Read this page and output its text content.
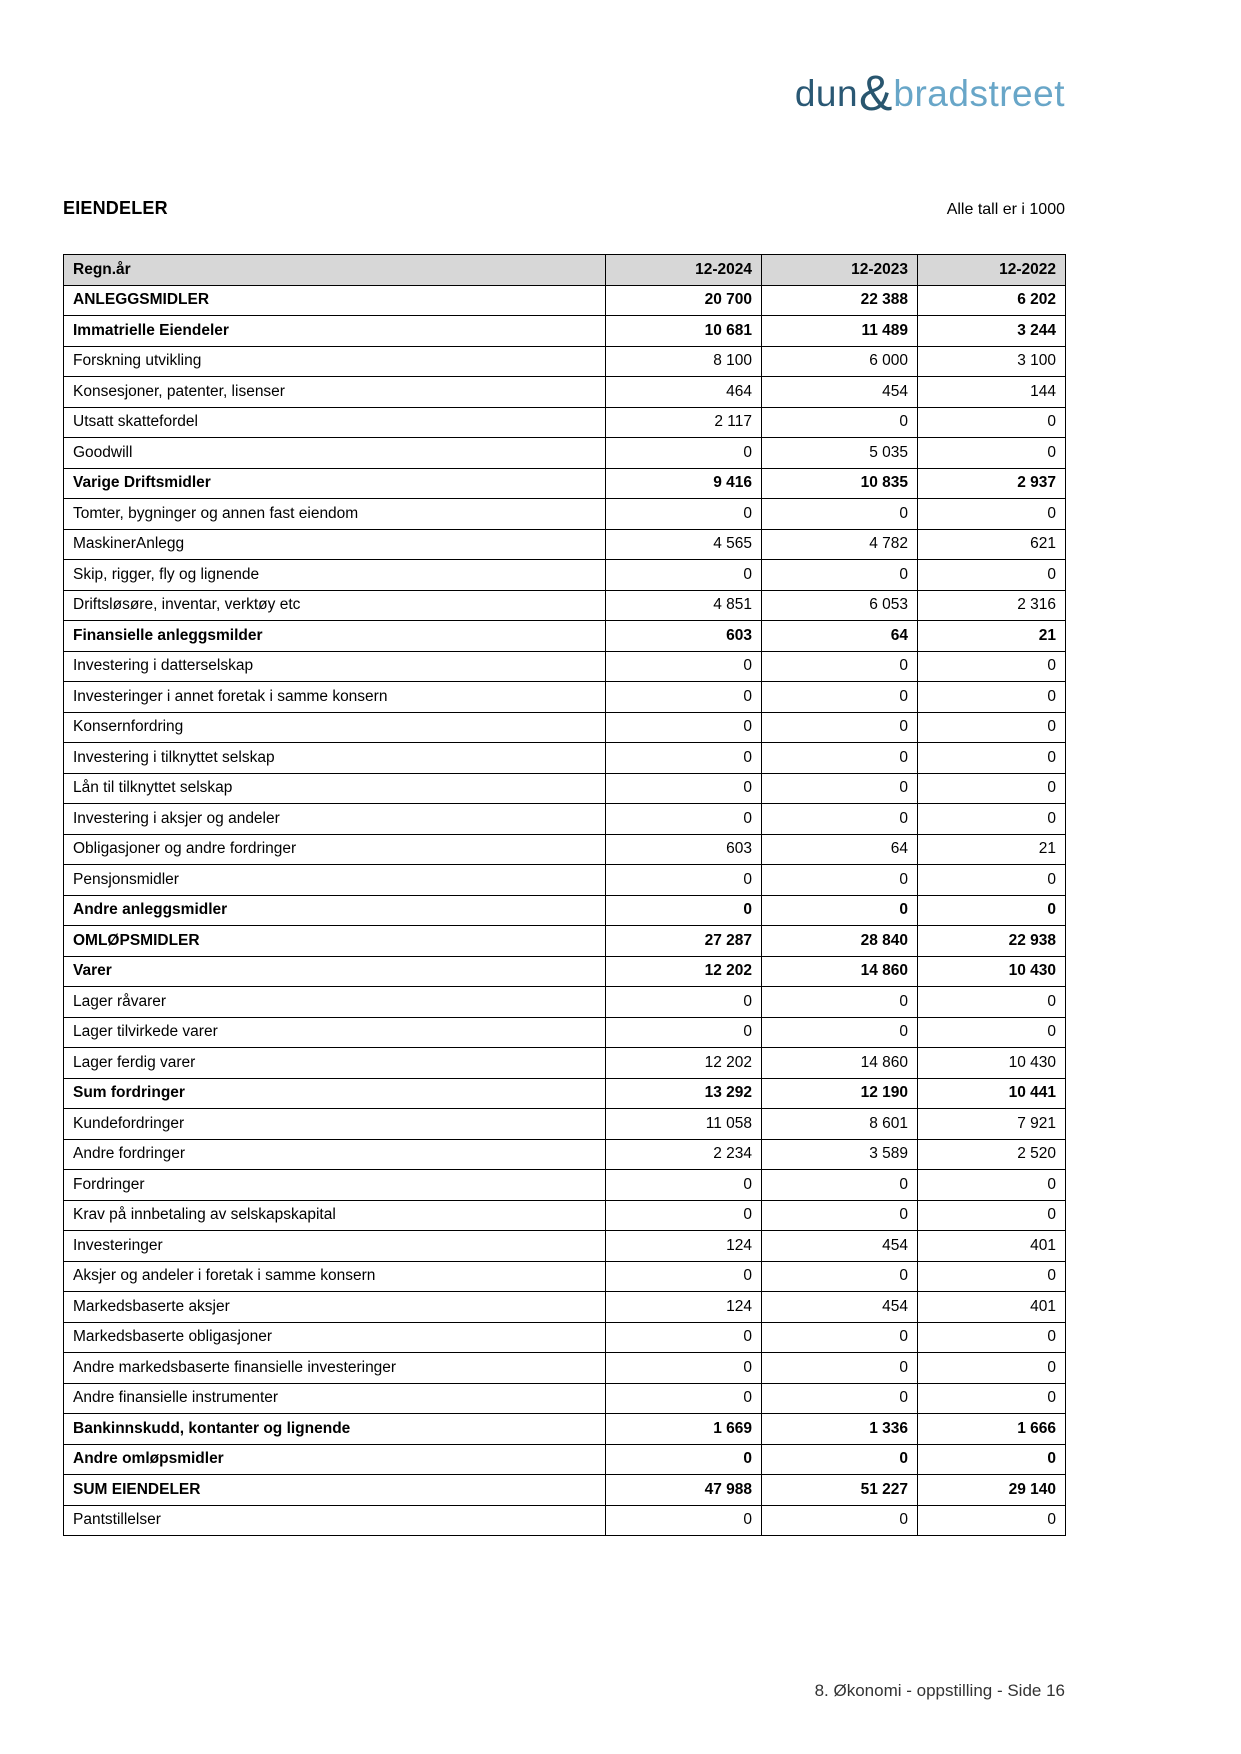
dun&bradstreet
EIENDELER	Alle tall er i 1000
Regn.år	12-2024	12-2023	12-2022
ANLEGGSMIDLER	20 700	22 388	6 202
Immatrielle Eiendeler	10 681	11 489	3 244
Forskning utvikling	8 100	6 000	3 100
Konsesjoner, patenter, lisenser	464	454	144
Utsatt skattefordel	2 117	0	0
Goodwill	0	5 035	0
Varige Driftsmidler	9 416	10 835	2 937
Tomter, bygninger og annen fast eiendom	0	0	0
MaskinerAnlegg	4 565	4 782	621
Skip, rigger, fly og lignende	0	0	0
Driftsløsøre, inventar, verktøy etc	4 851	6 053	2 316
Finansielle anleggsmilder	603	64	21
Investering i datterselskap	0	0	0
Investeringer i annet foretak i samme konsern	0	0	0
Konsernfordring	0	0	0
Investering i tilknyttet selskap	0	0	0
Lån til tilknyttet selskap	0	0	0
Investering i aksjer og andeler	0	0	0
Obligasjoner og andre fordringer	603	64	21
Pensjonsmidler	0	0	0
Andre anleggsmidler	0	0	0
OMLØPSMIDLER	27 287	28 840	22 938
Varer	12 202	14 860	10 430
Lager råvarer	0	0	0
Lager tilvirkede varer	0	0	0
Lager ferdig varer	12 202	14 860	10 430
Sum fordringer	13 292	12 190	10 441
Kundefordringer	11 058	8 601	7 921
Andre fordringer	2 234	3 589	2 520
Fordringer	0	0	0
Krav på innbetaling av selskapskapital	0	0	0
Investeringer	124	454	401
Aksjer og andeler i foretak i samme konsern	0	0	0
Markedsbaserte aksjer	124	454	401
Markedsbaserte obligasjoner	0	0	0
Andre markedsbaserte finansielle investeringer	0	0	0
Andre finansielle instrumenter	0	0	0
Bankinnskudd, kontanter og lignende	1 669	1 336	1 666
Andre omløpsmidler	0	0	0
SUM EIENDELER	47 988	51 227	29 140
Pantstillelser	0	0	0
8. Økonomi - oppstilling - Side 16
